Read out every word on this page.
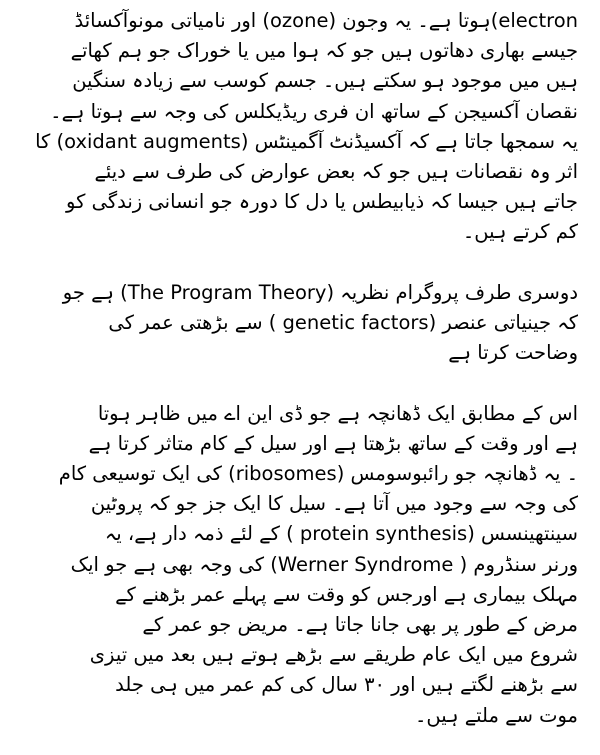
electron)ہوتا ہے۔ یہ وجون (ozone) اور نامیاتی مونوآکسائڈ
جیسے بھاری دھاتوں ہیں جو کہ ہوا میں یا خوراک جو ہم کھاتے
ہیں میں موجود ہو سکتے ہیں۔ جسم کوسب سے زیادہ سنگین
نقصان آکسیجن کے ساتھ ان فری ریڈیکلس کی وجہ سے ہوتا ہے۔
یہ سمجھا جاتا ہے کہ آکسیڈنٹ آگمینٹس (oxidant augments) کا
اثر وہ نقصانات ہیں جو کہ بعض عوارض کی طرف سے دیئے
جاتے ہیں جیسا کہ ذیابیطس یا دل کا دورہ جو انسانی زندگی کو
کم کرتے ہیں۔
دوسری طرف پروگرام نظریہ (The Program Theory) ہے جو
کہ جینیاتی عنصر (genetic factors ) سے بڑھتی عمر کی
وضاحت کرتا ہے
اس کے مطابق ایک ڈھانچہ ہے جو ڈی این اے میں ظاہر ہوتا
ہے اور وقت کے ساتھ بڑھتا ہے اور سیل کے کام متاثر کرتا ہے
۔ یہ ڈھانچہ جو رائبوسومس (ribosomes) کی ایک توسیعی کام
کی وجہ سے وجود میں آتا ہے۔ سیل کا ایک جز جو کہ پروٹین
سینتھینسس (protein synthesis ) کے لئے ذمہ دار ہے، یہ
ورنر سنڈروم ( Werner Syndrome) کی وجہ بھی ہے جو ایک
مہلک بیماری ہے اورجس کو وقت سے پہلے عمر بڑھنے کے
مرض کے طور پر بھی جانا جاتا ہے۔ مریض جو عمر کے
شروع میں ایک عام طریقے سے بڑھے ہوتے ہیں بعد میں تیزی
سے بڑھنے لگتے ہیں اور ۳۰ سال کی کم عمر میں ہی جلد
موت سے ملتے ہیں۔
